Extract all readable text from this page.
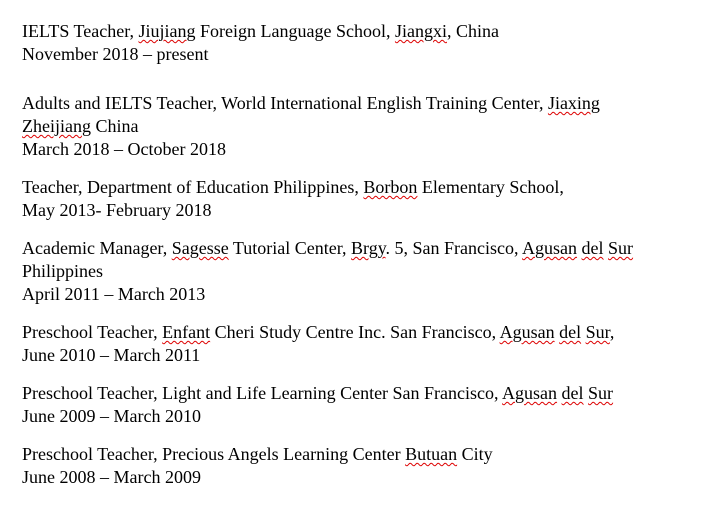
IELTS Teacher, Jiujiang Foreign Language School, Jiangxi, China
November 2018 – present
Adults and IELTS Teacher, World International English Training Center, Jiaxing
Zheijiang China
March 2018 – October 2018
Teacher, Department of Education Philippines, Borbon Elementary School,
May 2013- February 2018
Academic Manager, Sagesse Tutorial Center, Brgy. 5, San Francisco, Agusan del Sur
Philippines
April 2011 – March 2013
Preschool Teacher, Enfant Cheri Study Centre Inc. San Francisco, Agusan del Sur,
June 2010 – March 2011
Preschool Teacher, Light and Life Learning Center San Francisco, Agusan del Sur
June 2009 – March 2010
Preschool Teacher, Precious Angels Learning Center Butuan City
June 2008 – March 2009
